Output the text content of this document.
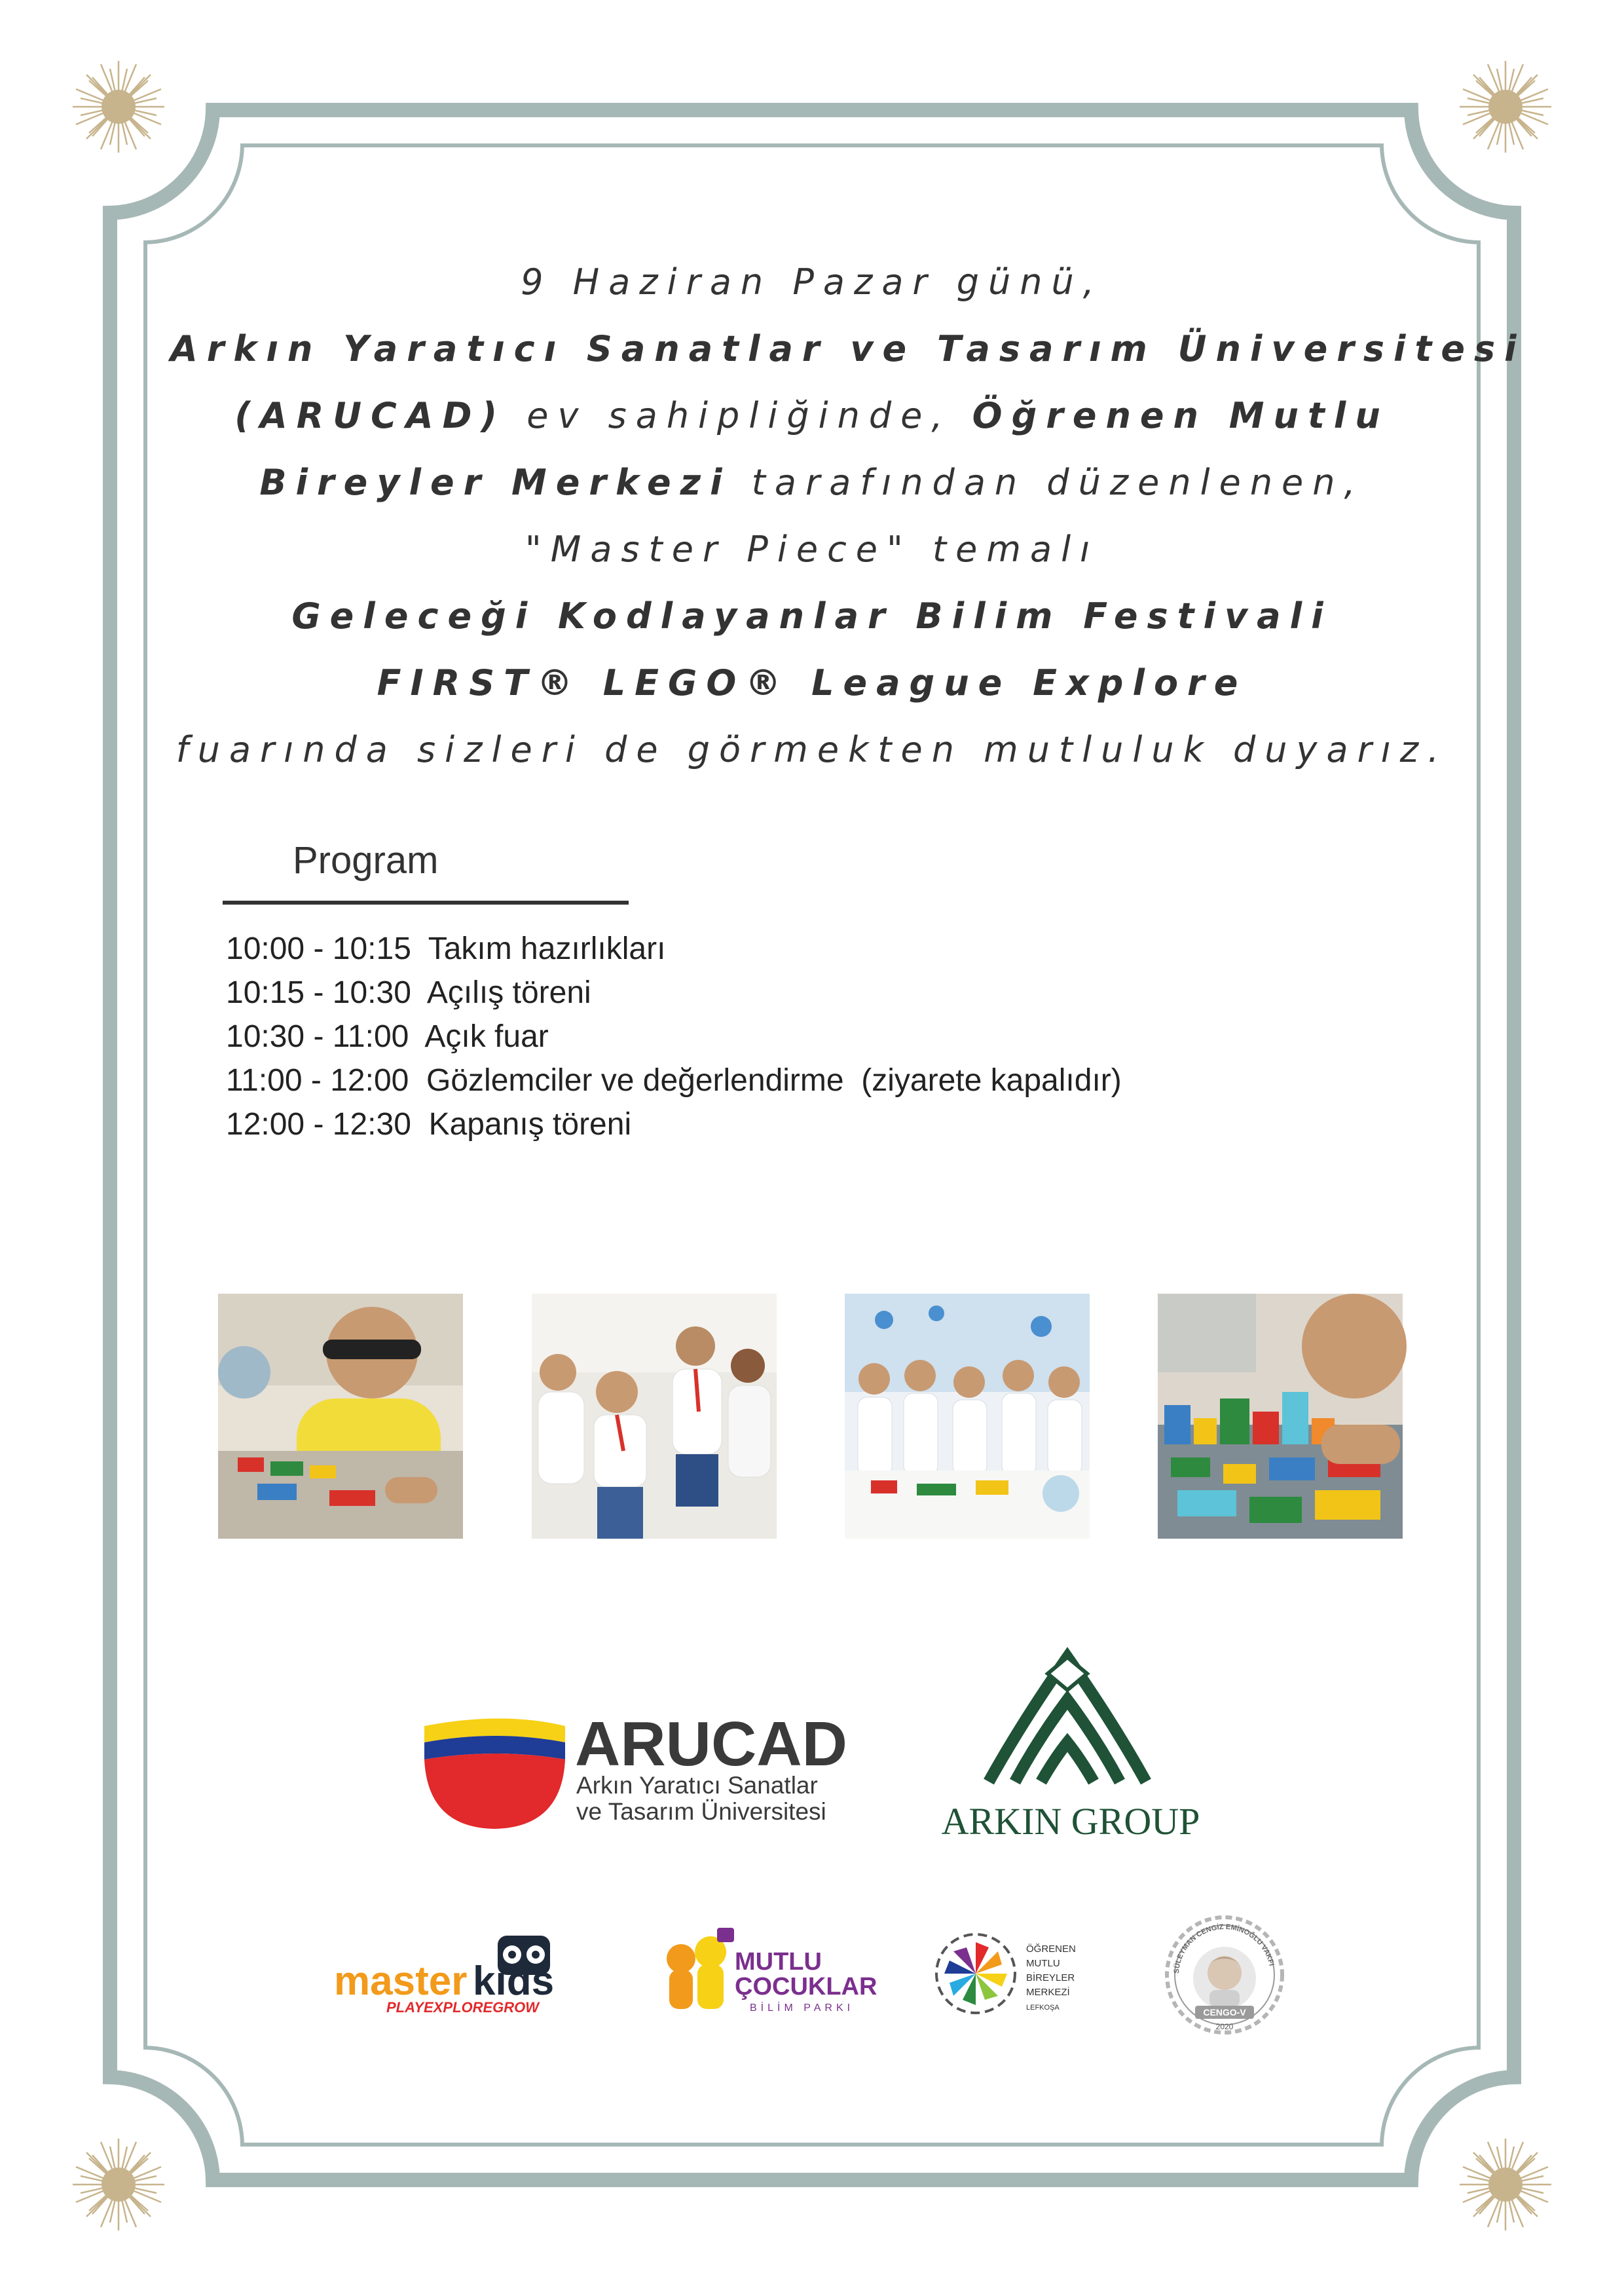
9 Haziran Pazar günü,
Arkın Yaratıcı Sanatlar ve Tasarım Üniversitesi
(ARUCAD) ev sahipliğinde, Öğrenen Mutlu
Bireyler Merkezi tarafından düzenlenen,
"Master Piece" temalı
Geleceği Kodlayanlar Bilim Festivali
FIRST® LEGO® League Explore
fuarında sizleri de görmekten mutluluk duyarız.
Program
10:00 - 10:15  Takım hazırlıkları
10:15 - 10:30  Açılış töreni
10:30 - 11:00  Açık fuar
11:00 - 12:00  Gözlemciler ve değerlendirme  (ziyarete kapalıdır)
12:00 - 12:30  Kapanış töreni
ARUCAD
Arkın Yaratıcı Sanatlar
ve Tasarım Üniversitesi	ARKIN GROUP
master kids
PLAYEXPLOREGROW
MUTLU
ÇOCUKLAR
BİLİM PARKI
ÖĞRENEN
MUTLU
BİREYLER
MERKEZİ
LEFKOŞA
SÜLEYMAN CENGİZ EMİNOĞLU VAKFI
CENGO-V
2020
